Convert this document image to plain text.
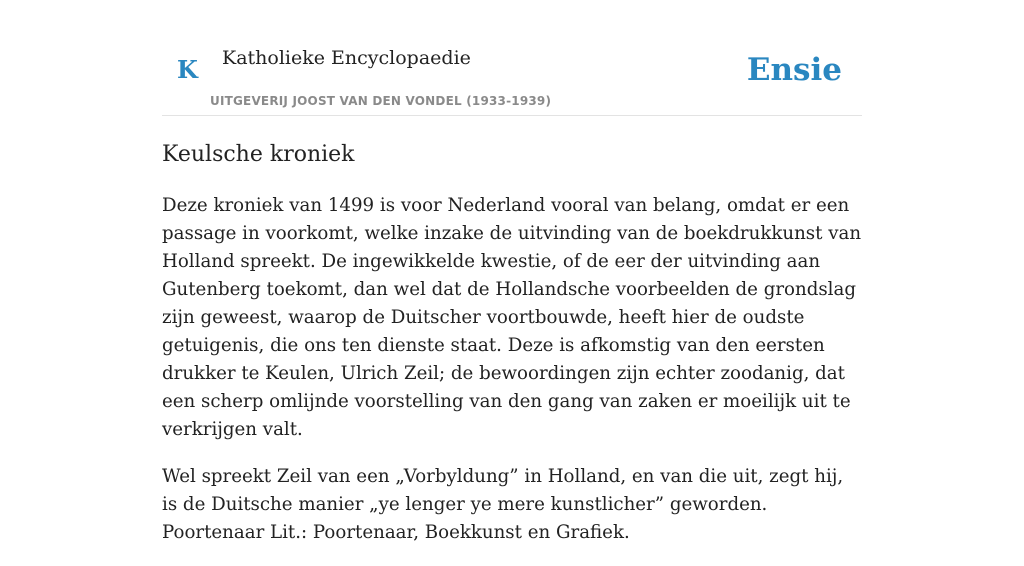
K Katholieke Encyclopaedie
UITGEVERIJ JOOST VAN DEN VONDEL (1933-1939)
Ensie
Keulsche kroniek

Deze kroniek van 1499 is voor Nederland vooral van belang, omdat er een passage in voorkomt, welke inzake de uitvinding van de boekdrukkunst van Holland spreekt. De ingewikkelde kwestie, of de eer der uitvinding aan Gutenberg toekomt, dan wel dat de Hollandsche voorbeelden de grondslag zijn geweest, waarop de Duitscher voortbouwde, heeft hier de oudste getuigenis, die ons ten dienste staat. Deze is afkomstig van den eersten drukker te Keulen, Ulrich Zeil; de bewoordingen zijn echter zoodanig, dat een scherp omlijnde voorstelling van den gang van zaken er moeilijk uit te verkrijgen valt.

Wel spreekt Zeil van een „Vorbyldung” in Holland, en van die uit, zegt hij, is de Duitsche manier „ye lenger ye mere kunstlicher” geworden. Poortenaar Lit.: Poortenaar, Boekkunst en Grafiek.
